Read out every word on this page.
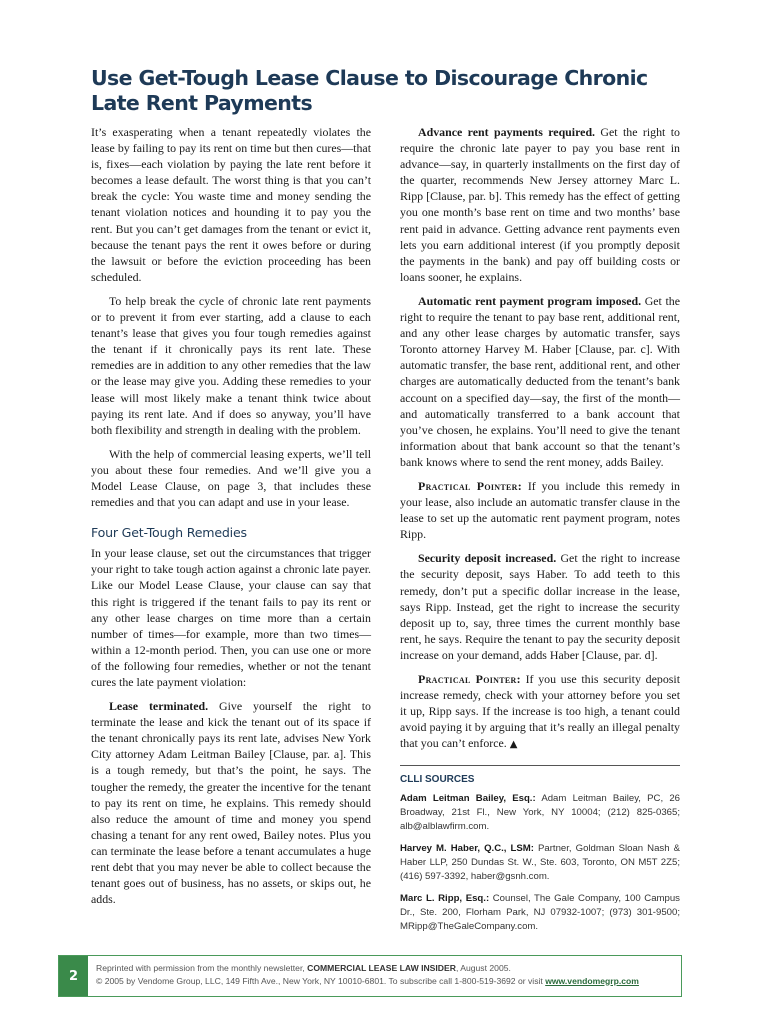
Use Get-Tough Lease Clause to Discourage Chronic Late Rent Payments

It’s exasperating when a tenant repeatedly violates the lease by failing to pay its rent on time but then cures—that is, fixes—each violation by paying the late rent before it becomes a lease default. The worst thing is that you can’t break the cycle: You waste time and money sending the tenant violation notices and hounding it to pay you the rent. But you can’t get damages from the tenant or evict it, because the tenant pays the rent it owes before or during the lawsuit or before the eviction proceeding has been scheduled.

To help break the cycle of chronic late rent payments or to prevent it from ever starting, add a clause to each tenant’s lease that gives you four tough remedies against the tenant if it chronically pays its rent late. These remedies are in addition to any other remedies that the law or the lease may give you. Adding these remedies to your lease will most likely make a tenant think twice about paying its rent late. And if does so anyway, you’ll have both flexibility and strength in dealing with the problem.

With the help of commercial leasing experts, we’ll tell you about these four remedies. And we’ll give you a Model Lease Clause, on page 3, that includes these remedies and that you can adapt and use in your lease.

Four Get-Tough Remedies

In your lease clause, set out the circumstances that trigger your right to take tough action against a chronic late payer. Like our Model Lease Clause, your clause can say that this right is triggered if the tenant fails to pay its rent or any other lease charges on time more than a certain number of times—for example, more than two times—within a 12-month period. Then, you can use one or more of the following four remedies, whether or not the tenant cures the late payment violation:

Lease terminated. Give yourself the right to terminate the lease and kick the tenant out of its space if the tenant chronically pays its rent late, advises New York City attorney Adam Leitman Bailey [Clause, par. a]. This is a tough remedy, but that’s the point, he says. The tougher the remedy, the greater the incentive for the tenant to pay its rent on time, he explains. This remedy should also reduce the amount of time and money you spend chasing a tenant for any rent owed, Bailey notes. Plus you can terminate the lease before a tenant accumulates a huge rent debt that you may never be able to collect because the tenant goes out of business, has no assets, or skips out, he adds.

Advance rent payments required. Get the right to require the chronic late payer to pay you base rent in advance—say, in quarterly installments on the first day of the quarter, recommends New Jersey attorney Marc L. Ripp [Clause, par. b]. This remedy has the effect of getting you one month’s base rent on time and two months’ base rent paid in advance. Getting advance rent payments even lets you earn additional interest (if you promptly deposit the payments in the bank) and pay off building costs or loans sooner, he explains.

Automatic rent payment program imposed. Get the right to require the tenant to pay base rent, additional rent, and any other lease charges by automatic transfer, says Toronto attorney Harvey M. Haber [Clause, par. c]. With automatic transfer, the base rent, additional rent, and other charges are automatically deducted from the tenant’s bank account on a specified day—say, the first of the month—and automatically transferred to a bank account that you’ve chosen, he explains. You’ll need to give the tenant information about that bank account so that the tenant’s bank knows where to send the rent money, adds Bailey.

Practical Pointer: If you include this remedy in your lease, also include an automatic transfer clause in the lease to set up the automatic rent payment program, notes Ripp.

Security deposit increased. Get the right to increase the security deposit, says Haber. To add teeth to this remedy, don’t put a specific dollar increase in the lease, says Ripp. Instead, get the right to increase the security deposit up to, say, three times the current monthly base rent, he says. Require the tenant to pay the security deposit increase on your demand, adds Haber [Clause, par. d].

Practical Pointer: If you use this security deposit increase remedy, check with your attorney before you set it up, Ripp says. If the increase is too high, a tenant could avoid paying it by arguing that it’s really an illegal penalty that you can’t enforce. ▲

CLLI SOURCES

Adam Leitman Bailey, Esq.: Adam Leitman Bailey, PC, 26 Broadway, 21st Fl., New York, NY 10004; (212) 825-0365; alb@alblawfirm.com.

Harvey M. Haber, Q.C., LSM: Partner, Goldman Sloan Nash & Haber LLP, 250 Dundas St. W., Ste. 603, Toronto, ON M5T 2Z5; (416) 597-3392, haber@gsnh.com.

Marc L. Ripp, Esq.: Counsel, The Gale Company, 100 Campus Dr., Ste. 200, Florham Park, NJ 07932-1007; (973) 301-9500; MRipp@TheGaleCompany.com.

2
Reprinted with permission from the monthly newsletter, COMMERCIAL LEASE LAW INSIDER, August 2005.
© 2005 by Vendome Group, LLC, 149 Fifth Ave., New York, NY 10010-6801. To subscribe call 1-800-519-3692 or visit www.vendomegrp.com
